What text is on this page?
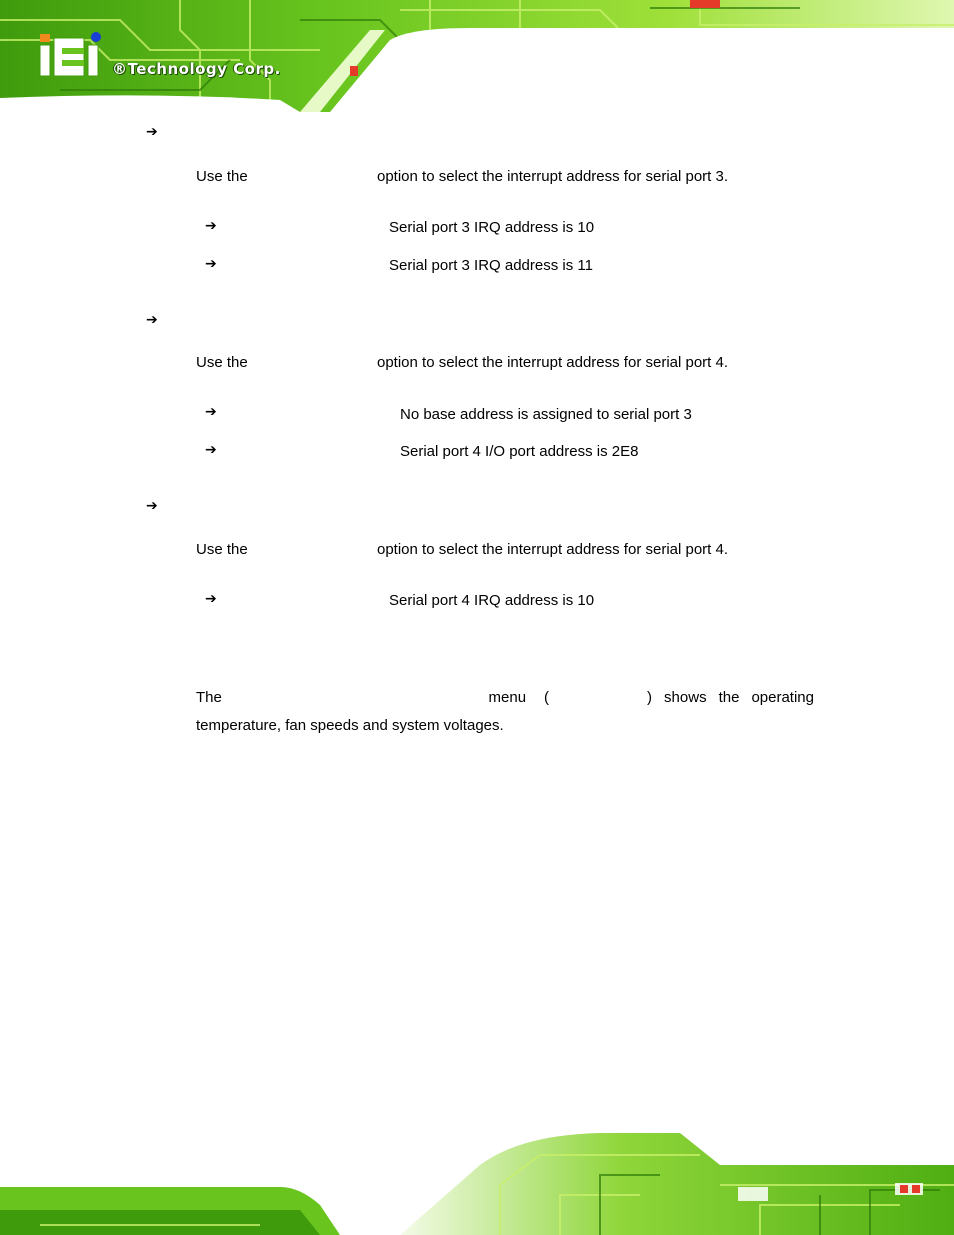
®Technology Corp.
➔
Use the	option to select the interrupt address for serial port 3.
➔	Serial port 3 IRQ address is 10
➔	Serial port 3 IRQ address is 11
➔
Use the	option to select the interrupt address for serial port 4.
➔	No base address is assigned to serial port 3
➔	Serial port 4 I/O port address is 2E8
➔
Use the	option to select the interrupt address for serial port 4.
➔	Serial port 4 IRQ address is 10
The	menu (	) shows the operating
temperature, fan speeds and system voltages.
